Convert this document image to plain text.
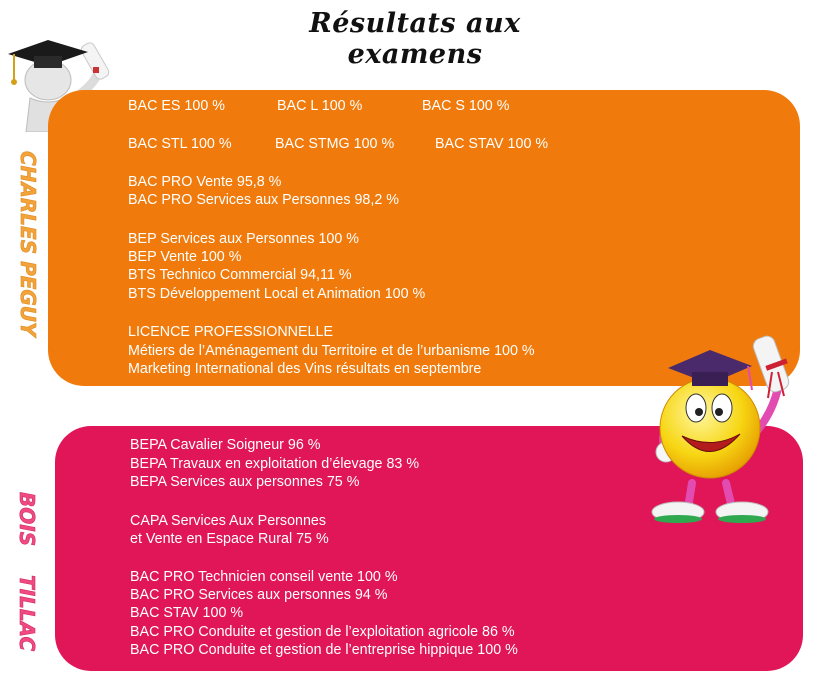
Résultats aux examens
CHARLES PEGUY
BAC ES 100 %	BAC L 100 %	BAC S 100 %
BAC STL 100 %	BAC STMG 100 %	BAC STAV 100 %
BAC PRO Vente 95,8 %
BAC PRO Services aux Personnes 98,2 %
BEP Services aux Personnes 100 %
BEP Vente 100 %
BTS Technico Commercial 94,11 %
BTS Développement Local et Animation 100 %
LICENCE PROFESSIONNELLE
Métiers de l’Aménagement du Territoire et de l’urbanisme 100 %
Marketing International des Vins résultats en septembre
BOIS TILLAC
BEPA Cavalier Soigneur 96 %
BEPA Travaux en exploitation d’élevage 83 %
BEPA Services aux personnes 75 %
CAPA Services Aux Personnes
et Vente en Espace Rural 75 %
BAC PRO Technicien conseil vente 100 %
BAC PRO Services aux personnes 94 %
BAC STAV 100 %
BAC PRO Conduite et gestion de l’exploitation agricole 86 %
BAC PRO Conduite et gestion de l’entreprise hippique 100 %
